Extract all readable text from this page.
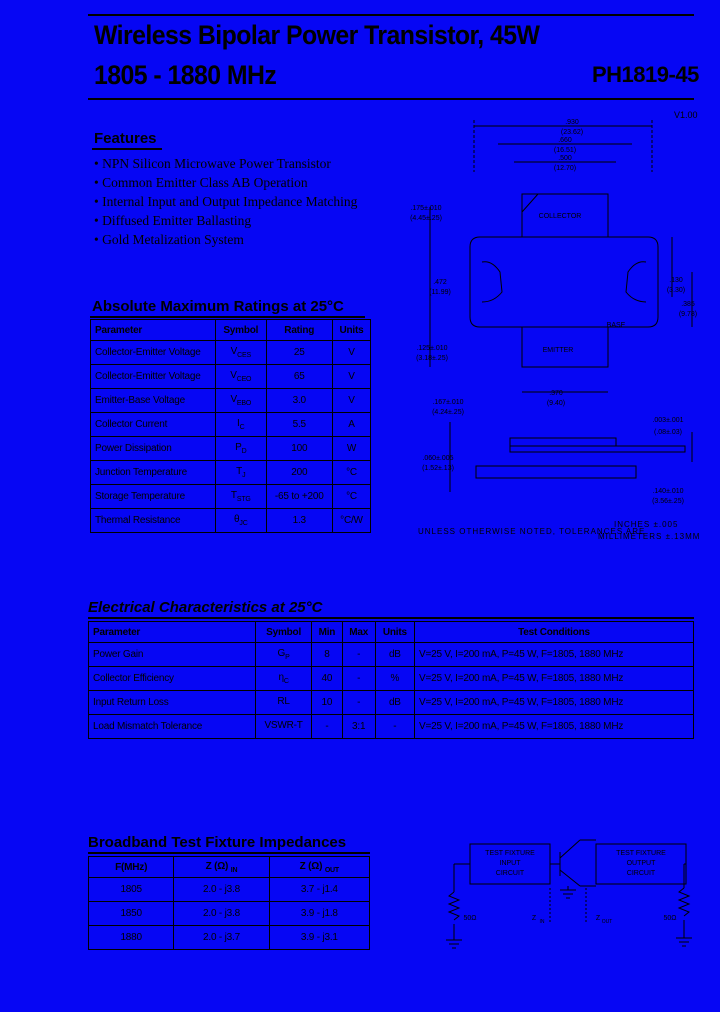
Wireless Bipolar Power Transistor, 45W
1805 - 1880 MHz	PH1819-45
V1.00
Features
• NPN Silicon Microwave Power Transistor
• Common Emitter Class AB Operation
• Internal Input and Output Impedance Matching
• Diffused Emitter Ballasting
• Gold Metalization System
Absolute Maximum Ratings at 25°C
Parameter	Symbol	Rating	Units
Collector-Emitter Voltage	$V_{CES}$	25	V
Collector-Emitter Voltage	$V_{CEO}$	65	V
Emitter-Base Voltage	$V_{EBO}$	3.0	V
Collector Current	$I_C$	5.5	A
Power Dissipation	$P_D$	100	W
Junction Temperature	$T_J$	200	°C
Storage Temperature	$T_{STG}$	-65 to +200	°C
Thermal Resistance	$\theta_{JC}$	1.3	°C/W
.930
(23.62)
.660
(16.51)
.500
(12.70)
COLLECTOR
BASE
EMITTER
.175±.010
(4.45±.25)
.472
(11.99)
.130
(3.30)
.385
(9.78)
.125±.010
(3.18±.25)
.370
(9.40)
.167±.010
(4.24±.25)
.003±.001
(.08±.03)
.060±.005
(1.52±.13)
.140±.010
(3.56±.25)
UNLESS OTHERWISE NOTED, TOLERANCES ARE
INCHES ±.005
MILLIMETERS ±.13MM
Electrical Characteristics at 25°C
Parameter	Symbol	Min	Max	Units	Test Conditions
Power Gain	$G_P$	8	-	dB	V=25 V, I=200 mA, P=45 W, F=1805, 1880 MHz
Collector Efficiency	$\eta_C$	40	-	%	V=25 V, I=200 mA, P=45 W, F=1805, 1880 MHz
Input Return Loss	RL	10	-	dB	V=25 V, I=200 mA, P=45 W, F=1805, 1880 MHz
Load Mismatch Tolerance	VSWR-T	-	3:1	-	V=25 V, I=200 mA, P=45 W, F=1805, 1880 MHz
Broadband Test Fixture Impedances
F(MHz)	Z (Ω) $_{IN}$	Z (Ω) $_{OUT}$
1805	2.0 - j3.8	3.7 - j1.4
1850	2.0 - j3.8	3.9 - j1.8
1880	2.0 - j3.7	3.9 - j3.1
TEST FIXTURE
INPUT
CIRCUIT
TEST FIXTURE
OUTPUT
CIRCUIT
50Ω	50Ω
Z IN	Z OUT
